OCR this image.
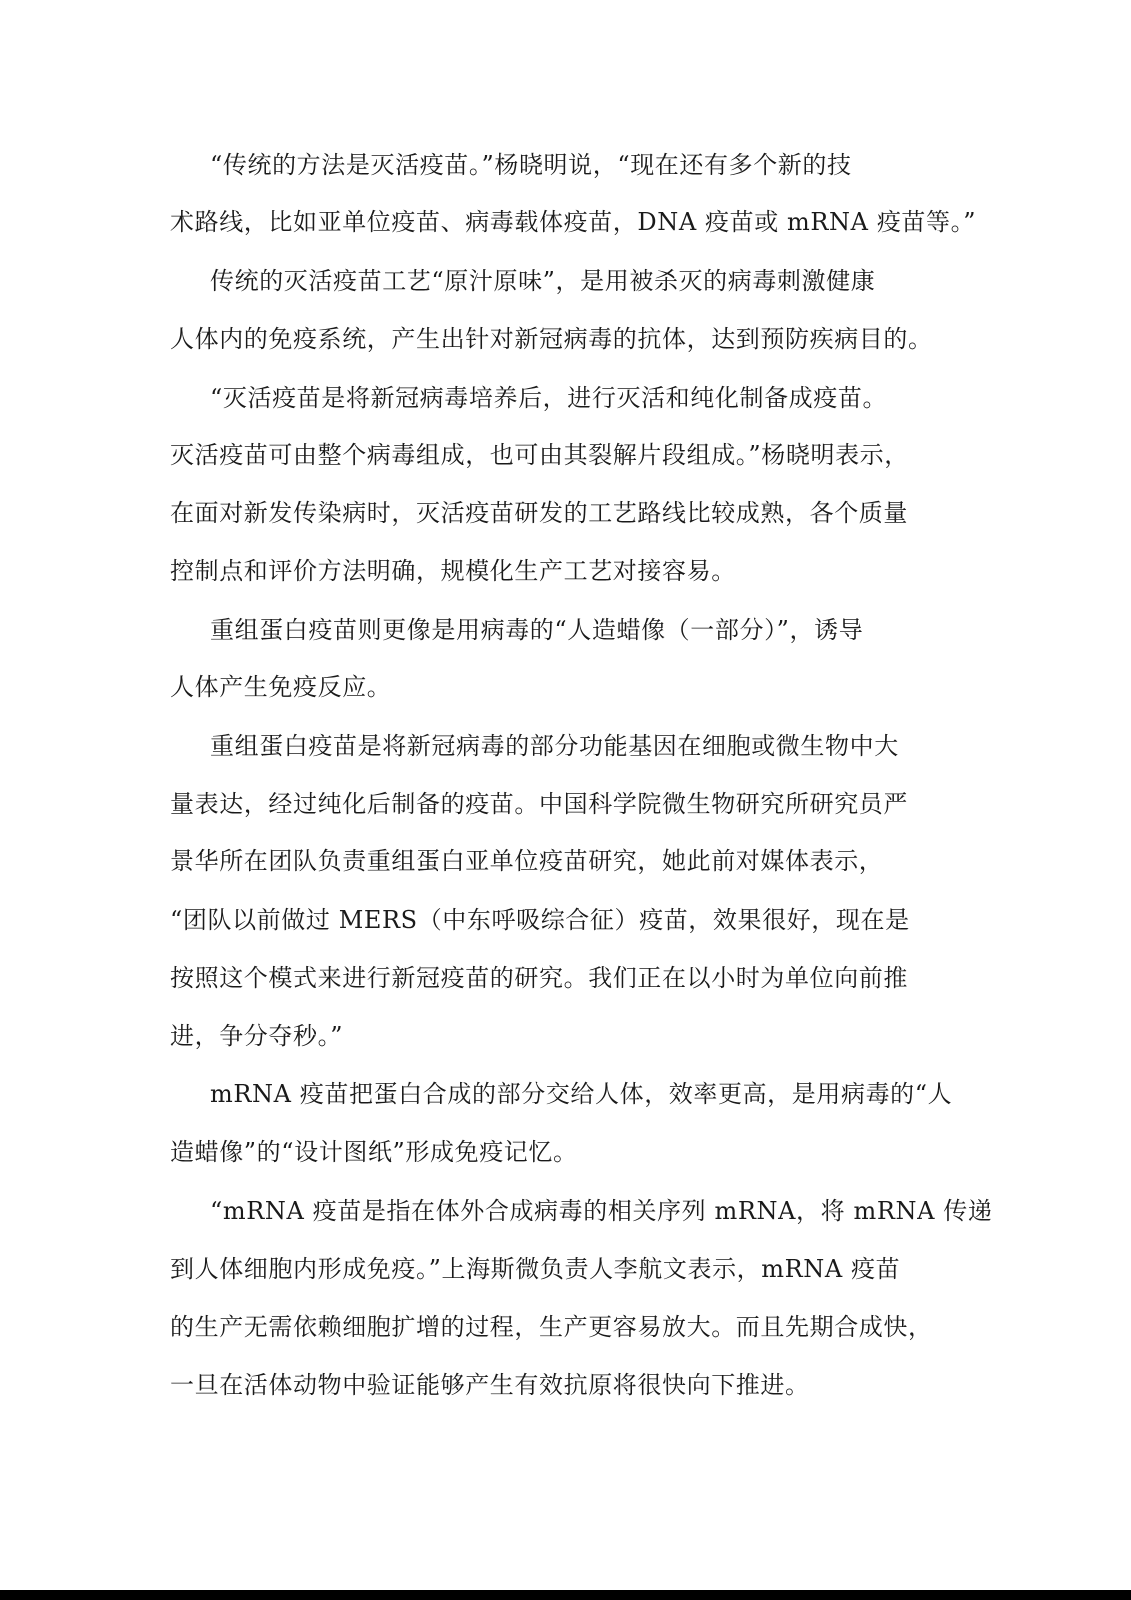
“传统的方法是灭活疫苗。”杨晓明说，“现在还有多个新的技
术路线，比如亚单位疫苗、病毒载体疫苗，DNA 疫苗或 mRNA 疫苗等。”
传统的灭活疫苗工艺“原汁原味”，是用被杀灭的病毒刺激健康
人体内的免疫系统，产生出针对新冠病毒的抗体，达到预防疾病目的。
“灭活疫苗是将新冠病毒培养后，进行灭活和纯化制备成疫苗。
灭活疫苗可由整个病毒组成，也可由其裂解片段组成。”杨晓明表示，
在面对新发传染病时，灭活疫苗研发的工艺路线比较成熟，各个质量
控制点和评价方法明确，规模化生产工艺对接容易。
重组蛋白疫苗则更像是用病毒的“人造蜡像（一部分）”，诱导
人体产生免疫反应。
重组蛋白疫苗是将新冠病毒的部分功能基因在细胞或微生物中大
量表达，经过纯化后制备的疫苗。中国科学院微生物研究所研究员严
景华所在团队负责重组蛋白亚单位疫苗研究，她此前对媒体表示，
“团队以前做过 MERS（中东呼吸综合征）疫苗，效果很好，现在是
按照这个模式来进行新冠疫苗的研究。我们正在以小时为单位向前推
进，争分夺秒。”
mRNA 疫苗把蛋白合成的部分交给人体，效率更高，是用病毒的“人
造蜡像”的“设计图纸”形成免疫记忆。
“mRNA 疫苗是指在体外合成病毒的相关序列 mRNA，将 mRNA 传递
到人体细胞内形成免疫。”上海斯微负责人李航文表示，mRNA 疫苗
的生产无需依赖细胞扩增的过程，生产更容易放大。而且先期合成快，
一旦在活体动物中验证能够产生有效抗原将很快向下推进。
